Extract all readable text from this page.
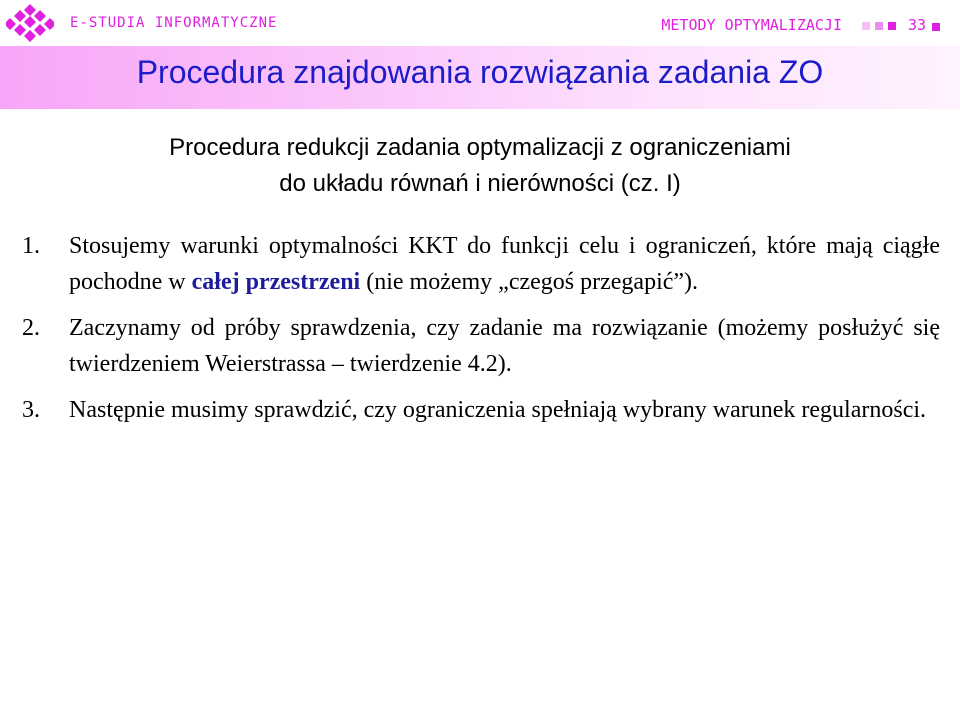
E-STUDIA INFORMATYCZNE	METODY OPTYMALIZACJI	33
Procedura znajdowania rozwiązania zadania ZO
Procedura redukcji zadania optymalizacji z ograniczeniami
do układu równań i nierówności (cz. I)
1.	Stosujemy warunki optymalności KKT do funkcji celu i ograniczeń, które mają ciągłe pochodne w całej przestrzeni (nie możemy „czegoś przegapić”).
2.	Zaczynamy od próby sprawdzenia, czy zadanie ma rozwiązanie (możemy posłużyć się twierdzeniem Weierstrassa – twierdzenie 4.2).
3.	Następnie musimy sprawdzić, czy ograniczenia spełniają wybrany warunek regularności.
